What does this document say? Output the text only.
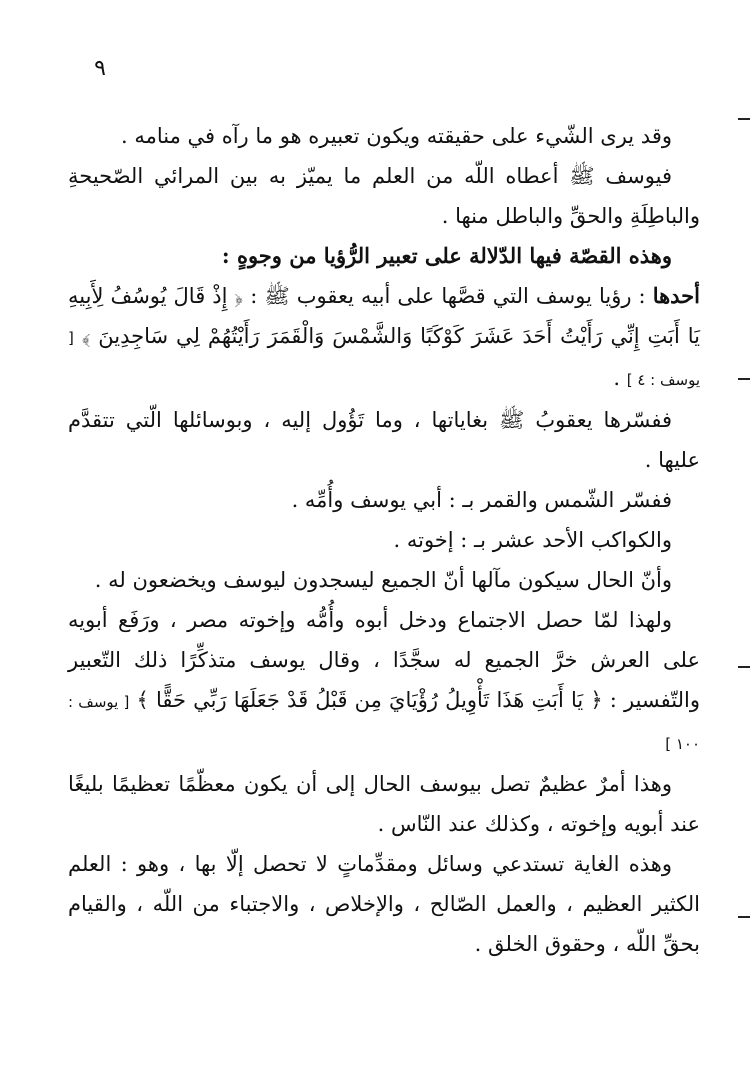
٩

وقد يرى الشّيء على حقيقته ويكون تعبيره هو ما رآه في منامه .

فيوسف ﷺ أعطاه اللّه من العلم ما يميّز به بين المرائي الصّحيحةِ والباطِلَةِ والحقِّ والباطل منها .

وهذه القصّة فيها الدّلالة على تعبير الرُّؤيا من وجوهٍ :

أحدها : رؤيا يوسف التي قصَّها على أبيه يعقوب ﷺ : ﴿ إِذْ قَالَ يُوسُفُ لِأَبِيهِ يَا أَبَتِ إِنِّي رَأَيْتُ أَحَدَ عَشَرَ كَوْكَبًا وَالشَّمْسَ وَالْقَمَرَ رَأَيْتُهُمْ لِي سَاجِدِينَ ﴾ [ يوسف : ٤ ] .

ففسّرها يعقوبُ ﷺ بغاياتها ، وما تَؤُول إليه ، وبوسائلها الّتي تتقدَّم عليها .

ففسّر الشّمس والقمر بـ : أبي يوسف وأُمِّه .

والكواكب الأحد عشر بـ : إخوته .

وأنّ الحال سيكون مآلها أنّ الجميع ليسجدون ليوسف ويخضعون له .

ولهذا لمّا حصل الاجتماع ودخل أبوه وأُمُّه وإخوته مصر ، ورَفَع أبويه على العرش خرَّ الجميع له سجَّدًا ، وقال يوسف متذكِّرًا ذلك التّعبير والتّفسير : ﴿ يَا أَبَتِ هَذَا تَأْوِيلُ رُؤْيَايَ مِن قَبْلُ قَدْ جَعَلَهَا رَبِّي حَقًّا ﴾ [ يوسف : ١٠٠ ]

وهذا أمرٌ عظيمٌ تصل بيوسف الحال إلى أن يكون معظّمًا تعظيمًا بليغًا عند أبويه وإخوته ، وكذلك عند النّاس .

وهذه الغاية تستدعي وسائل ومقدِّماتٍ لا تحصل إلّا بها ، وهو : العلم الكثير العظيم ، والعمل الصّالح ، والإخلاص ، والاجتباء من اللّه ، والقيام بحقِّ اللّه ، وحقوق الخلق .
